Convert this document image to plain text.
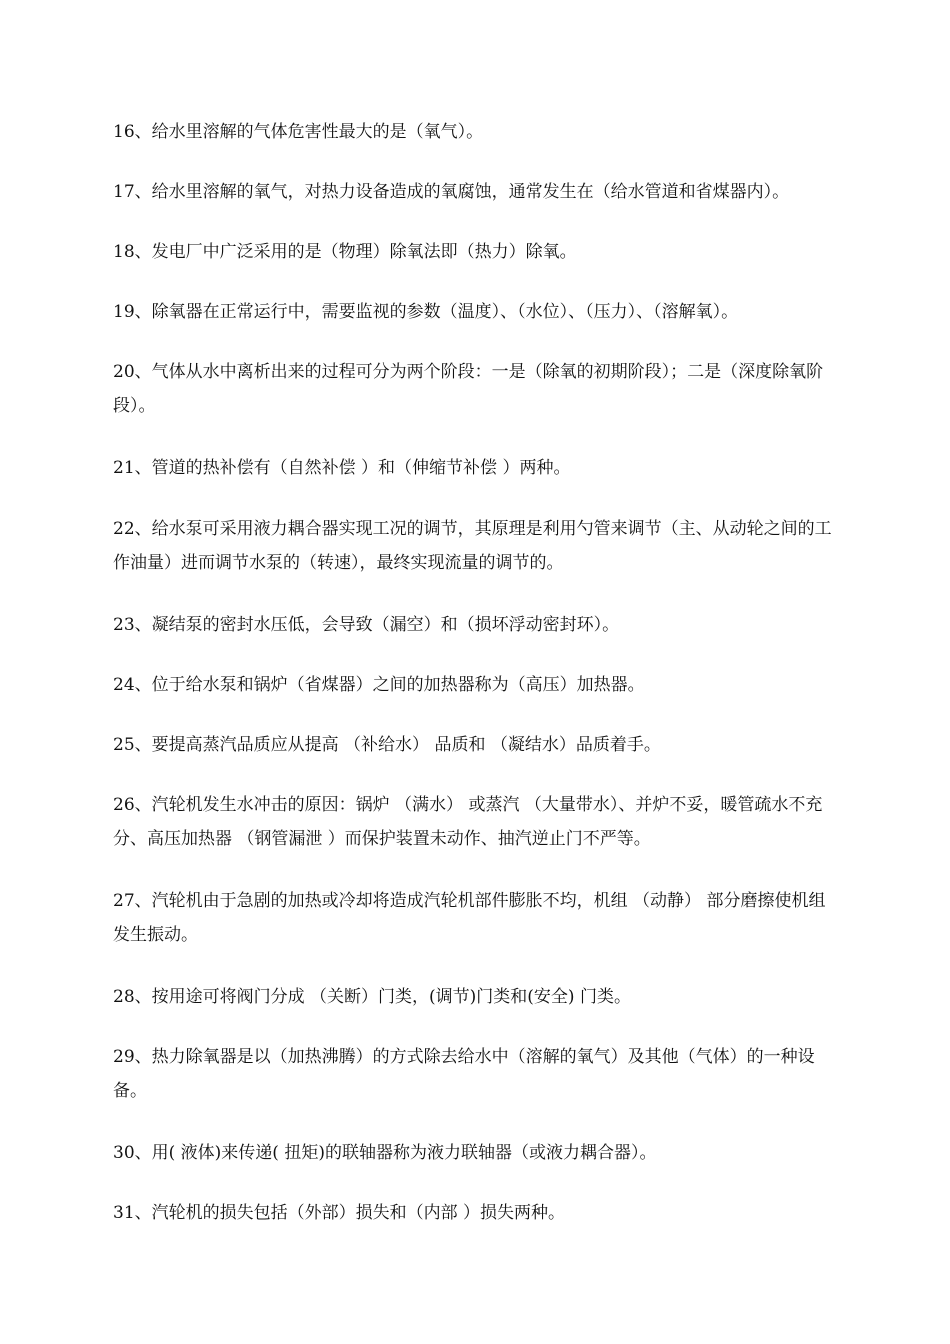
16、给水里溶解的气体危害性最大的是（氧气）。

17、给水里溶解的氧气，对热力设备造成的氧腐蚀，通常发生在（给水管道和省煤器内）。

18、发电厂中广泛采用的是（物理）除氧法即（热力）除氧。

19、除氧器在正常运行中，需要监视的参数（温度）、（水位）、（压力）、（溶解氧）。

20、气体从水中离析出来的过程可分为两个阶段：一是（除氧的初期阶段）；二是（深度除氧阶段）。

21、管道的热补偿有（自然补偿 ）和（伸缩节补偿 ）两种。

22、给水泵可采用液力耦合器实现工况的调节，其原理是利用勺管来调节（主、从动轮之间的工作油量）进而调节水泵的（转速），最终实现流量的调节的。

23、凝结泵的密封水压低，会导致（漏空）和（损坏浮动密封环）。

24、位于给水泵和锅炉（省煤器）之间的加热器称为（高压）加热器。

25、要提高蒸汽品质应从提高 （补给水） 品质和 （凝结水）品质着手。

26、汽轮机发生水冲击的原因：锅炉 （满水） 或蒸汽 （大量带水）、并炉不妥，暖管疏水不充分、高压加热器 （钢管漏泄 ）而保护装置未动作、抽汽逆止门不严等。

27、汽轮机由于急剧的加热或冷却将造成汽轮机部件膨胀不均，机组 （动静） 部分磨擦使机组发生振动。

28、按用途可将阀门分成 （关断）门类，(调节)门类和(安全) 门类。

29、热力除氧器是以（加热沸腾）的方式除去给水中（溶解的氧气）及其他（气体）的一种设备。

30、用( 液体)来传递( 扭矩)的联轴器称为液力联轴器（或液力耦合器）。

31、汽轮机的损失包括（外部）损失和（内部 ）损失两种。
